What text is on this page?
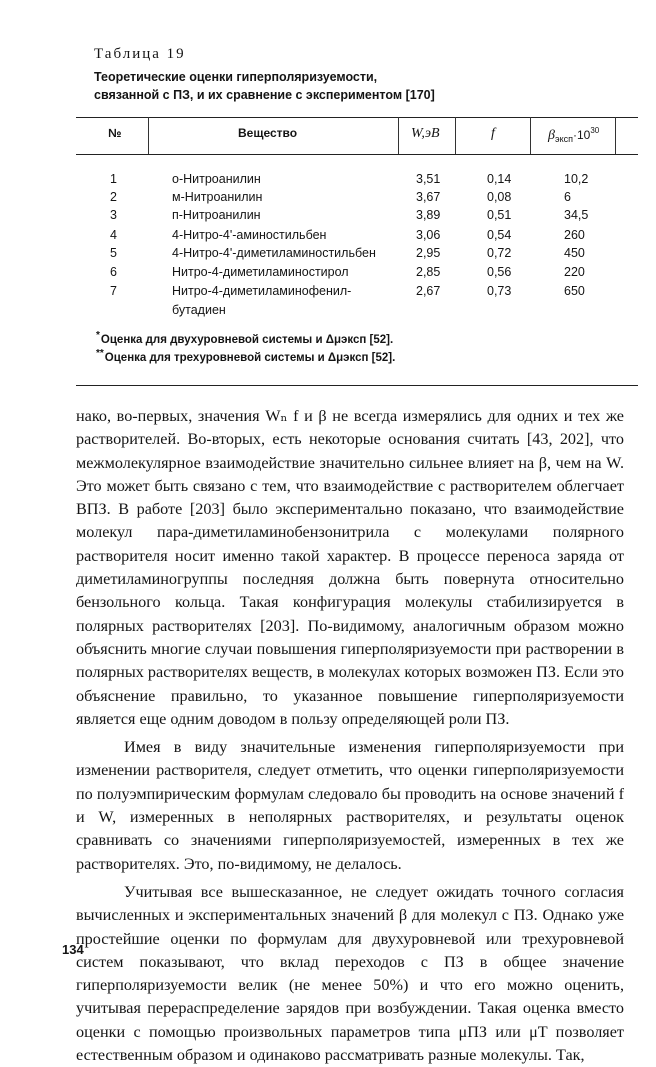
Таблица 19
Теоретические оценки гиперполяризуемости,
связанной с ПЗ, и их сравнение с экспериментом [170]
№	Вещество	W,эВ	f	$\beta_{эксп}\cdot 10^{30}$
1	о-Нитроанилин	3,51	0,14	10,2
2	м-Нитроанилин	3,67	0,08	6
3	п-Нитроанилин	3,89	0,51	34,5
4	4-Нитро-4'-аминостильбен	3,06	0,54	260
5	4-Нитро-4'-диметиламиностильбен	2,95	0,72	450
6	Нитро-4-диметиламиностирол	2,85	0,56	220
7	Нитро-4-диметиламинофенил-	2,67	0,73	650
бутадиен
*Оценка для двухуровневой системы и Δμэксп [52].
**Оценка для трехуровневой системы и Δμэксп [52].

нако, во-первых, значения Wₙ f и β не всегда измерялись для одних и тех же растворителей. Во-вторых, есть некоторые основания считать [43, 202], что межмолекулярное взаимодействие значительно сильнее влияет на β, чем на W. Это может быть связано с тем, что взаимодействие с растворителем облегчает ВПЗ. В работе [203] было экспериментально показано, что взаимодействие молекул пара-диметиламинобензонитрила с молекулами полярного растворителя носит именно такой характер. В процессе переноса заряда от диметиламиногруппы последняя должна быть повернута относительно бензольного кольца. Такая конфигурация молекулы стабилизируется в полярных растворителях [203]. По-видимому, аналогичным образом можно объяснить многие случаи повышения гиперполяризуемости при растворении в полярных растворителях веществ, в молекулах которых возможен ПЗ. Если это объяснение правильно, то указанное повышение гиперполяризуемости является еще одним доводом в пользу определяющей роли ПЗ.

Имея в виду значительные изменения гиперполяризуемости при изменении растворителя, следует отметить, что оценки гиперполяризуемости по полуэмпирическим формулам следовало бы проводить на основе значений f и W, измеренных в неполярных растворителях, и результаты оценок сравнивать со значениями гиперполяризуемостей, измеренных в тех же растворителях. Это, по-видимому, не делалось.

Учитывая все вышесказанное, не следует ожидать точного согласия вычисленных и экспериментальных значений β для молекул с ПЗ. Однако уже простейшие оценки по формулам для двухуровневой или трехуровневой систем показывают, что вклад переходов с ПЗ в общее значение гиперполяризуемости велик (не менее 50%) и что его можно оценить, учитывая перераспределение зарядов при возбуждении. Такая оценка вместо оценки с помощью произвольных параметров типа μПЗ или μT позволяет естественным образом и одинаково рассматривать разные молекулы. Так,

134
